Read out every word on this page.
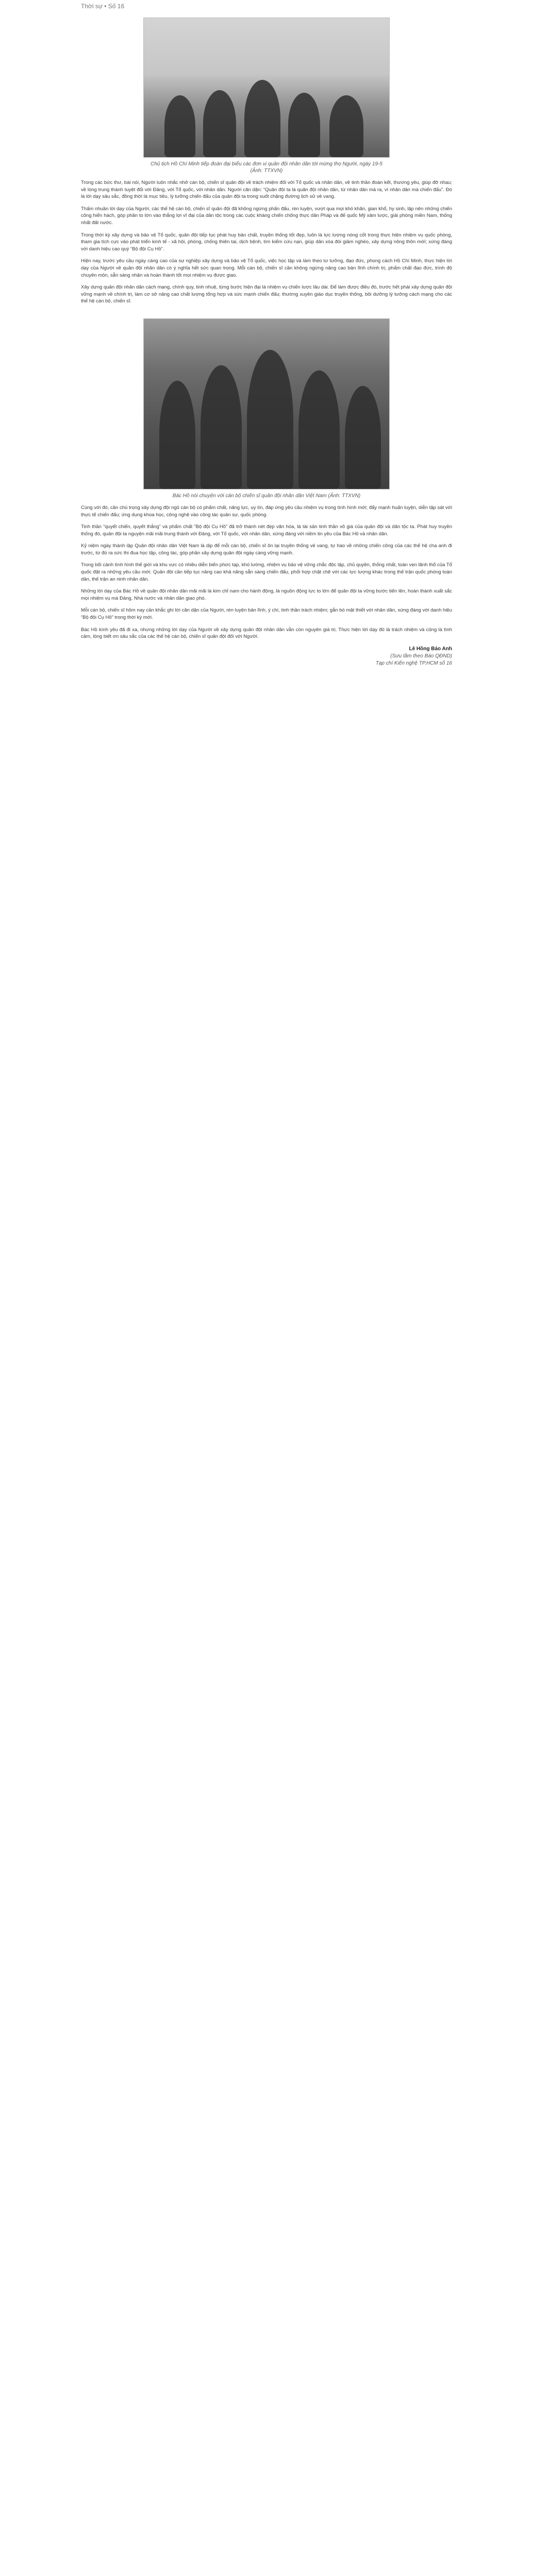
Thời sự • Số 16
Chủ tịch Hồ Chí Minh tiếp đoàn đại biểu các đơn vị quân đội nhân dân tới mừng thọ Người, ngày 19-5 (Ảnh: TTXVN)

Trong các bức thư, bài nói, Người luôn nhắc nhở cán bộ, chiến sĩ quân đội về trách nhiệm đối với Tổ quốc và nhân dân, về tinh thần đoàn kết, thương yêu, giúp đỡ nhau; về lòng trung thành tuyệt đối với Đảng, với Tổ quốc, với nhân dân. Người căn dặn: “Quân đội ta là quân đội nhân dân, từ nhân dân mà ra, vì nhân dân mà chiến đấu”. Đó là lời dạy sâu sắc, đồng thời là mục tiêu, lý tưởng chiến đấu của quân đội ta trong suốt chặng đường lịch sử vẻ vang.

Thấm nhuần lời dạy của Người, các thế hệ cán bộ, chiến sĩ quân đội đã không ngừng phấn đấu, rèn luyện, vượt qua mọi khó khăn, gian khổ, hy sinh, lập nên những chiến công hiển hách, góp phần to lớn vào thắng lợi vĩ đại của dân tộc trong các cuộc kháng chiến chống thực dân Pháp và đế quốc Mỹ xâm lược, giải phóng miền Nam, thống nhất đất nước.

Trong thời kỳ xây dựng và bảo vệ Tổ quốc, quân đội tiếp tục phát huy bản chất, truyền thống tốt đẹp, luôn là lực lượng nòng cốt trong thực hiện nhiệm vụ quốc phòng, tham gia tích cực vào phát triển kinh tế - xã hội, phòng, chống thiên tai, dịch bệnh, tìm kiếm cứu nạn, giúp dân xóa đói giảm nghèo, xây dựng nông thôn mới; xứng đáng với danh hiệu cao quý “Bộ đội Cụ Hồ”.

Hiện nay, trước yêu cầu ngày càng cao của sự nghiệp xây dựng và bảo vệ Tổ quốc, việc học tập và làm theo tư tưởng, đạo đức, phong cách Hồ Chí Minh, thực hiện lời dạy của Người về quân đội nhân dân có ý nghĩa hết sức quan trọng. Mỗi cán bộ, chiến sĩ cần không ngừng nâng cao bản lĩnh chính trị, phẩm chất đạo đức, trình độ chuyên môn, sẵn sàng nhận và hoàn thành tốt mọi nhiệm vụ được giao.

Xây dựng quân đội nhân dân cách mạng, chính quy, tinh nhuệ, từng bước hiện đại là nhiệm vụ chiến lược lâu dài. Để làm được điều đó, trước hết phải xây dựng quân đội vững mạnh về chính trị, làm cơ sở nâng cao chất lượng tổng hợp và sức mạnh chiến đấu; thường xuyên giáo dục truyền thống, bồi dưỡng lý tưởng cách mạng cho các thế hệ cán bộ, chiến sĩ.

Bác Hồ nói chuyện với cán bộ chiến sĩ quân đội nhân dân Việt Nam (Ảnh: TTXVN)

Cùng với đó, cần chú trọng xây dựng đội ngũ cán bộ có phẩm chất, năng lực, uy tín, đáp ứng yêu cầu nhiệm vụ trong tình hình mới; đẩy mạnh huấn luyện, diễn tập sát với thực tế chiến đấu; ứng dụng khoa học, công nghệ vào công tác quân sự, quốc phòng.

Tinh thần “quyết chiến, quyết thắng” và phẩm chất “Bộ đội Cụ Hồ” đã trở thành nét đẹp văn hóa, là tài sản tinh thần vô giá của quân đội và dân tộc ta. Phát huy truyền thống đó, quân đội ta nguyện mãi mãi trung thành với Đảng, với Tổ quốc, với nhân dân, xứng đáng với niềm tin yêu của Bác Hồ và nhân dân.

Kỷ niệm ngày thành lập Quân đội nhân dân Việt Nam là dịp để mỗi cán bộ, chiến sĩ ôn lại truyền thống vẻ vang, tự hào về những chiến công của các thế hệ cha anh đi trước, từ đó ra sức thi đua học tập, công tác, góp phần xây dựng quân đội ngày càng vững mạnh.

Trong bối cảnh tình hình thế giới và khu vực có nhiều diễn biến phức tạp, khó lường, nhiệm vụ bảo vệ vững chắc độc lập, chủ quyền, thống nhất, toàn vẹn lãnh thổ của Tổ quốc đặt ra những yêu cầu mới. Quân đội cần tiếp tục nâng cao khả năng sẵn sàng chiến đấu, phối hợp chặt chẽ với các lực lượng khác trong thế trận quốc phòng toàn dân, thế trận an ninh nhân dân.

Những lời dạy của Bác Hồ về quân đội nhân dân mãi mãi là kim chỉ nam cho hành động, là nguồn động lực to lớn để quân đội ta vững bước tiến lên, hoàn thành xuất sắc mọi nhiệm vụ mà Đảng, Nhà nước và nhân dân giao phó.

Mỗi cán bộ, chiến sĩ hôm nay cần khắc ghi lời căn dặn của Người, rèn luyện bản lĩnh, ý chí, tinh thần trách nhiệm; gắn bó mật thiết với nhân dân, xứng đáng với danh hiệu “Bộ đội Cụ Hồ” trong thời kỳ mới.

Bác Hồ kính yêu đã đi xa, nhưng những lời dạy của Người về xây dựng quân đội nhân dân vẫn còn nguyên giá trị. Thực hiện lời dạy đó là trách nhiệm và cũng là tình cảm, lòng biết ơn sâu sắc của các thế hệ cán bộ, chiến sĩ quân đội đối với Người.

Lê Hồng Bảo Anh
(Sưu tầm theo Báo QĐND)
Tạp chí Kiến nghệ TP.HCM số 16
